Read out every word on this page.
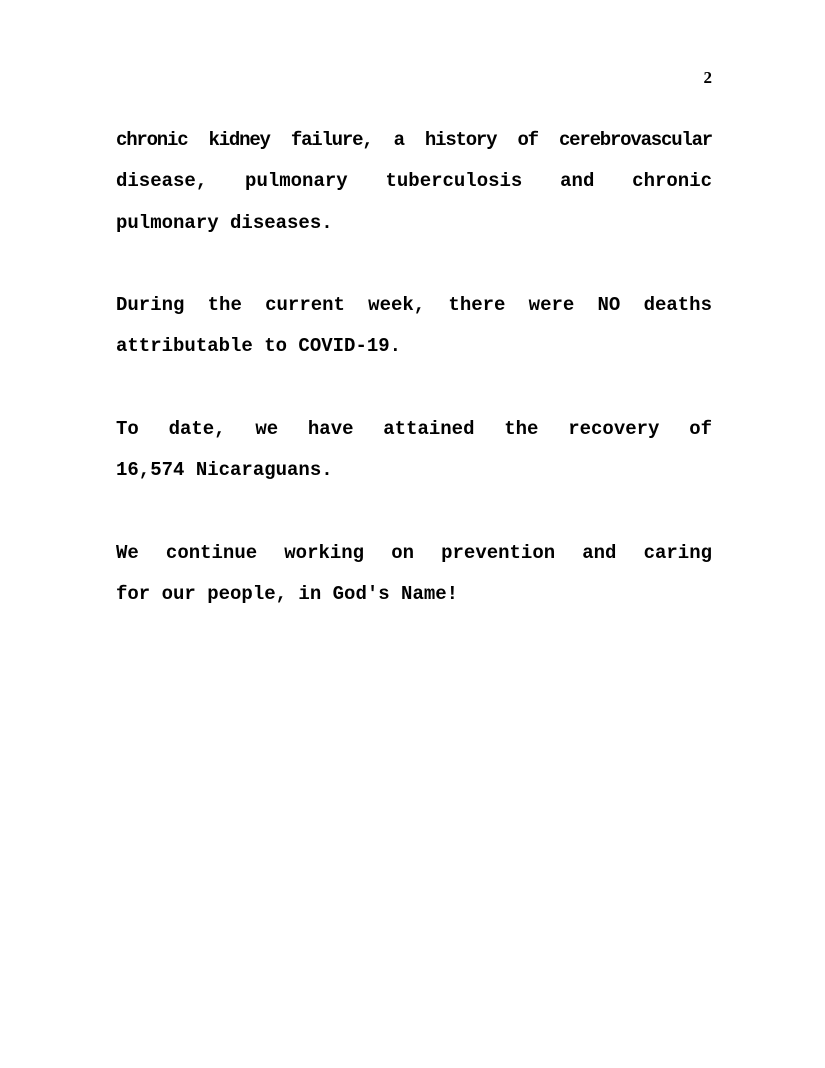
2

chronic kidney failure, a history of cerebrovascular
disease, pulmonary tuberculosis and chronic
pulmonary diseases.

During the current week, there were NO deaths
attributable to COVID-19.

To date, we have attained the recovery of
16,574 Nicaraguans.

We continue working on prevention and caring
for our people, in God's Name!
